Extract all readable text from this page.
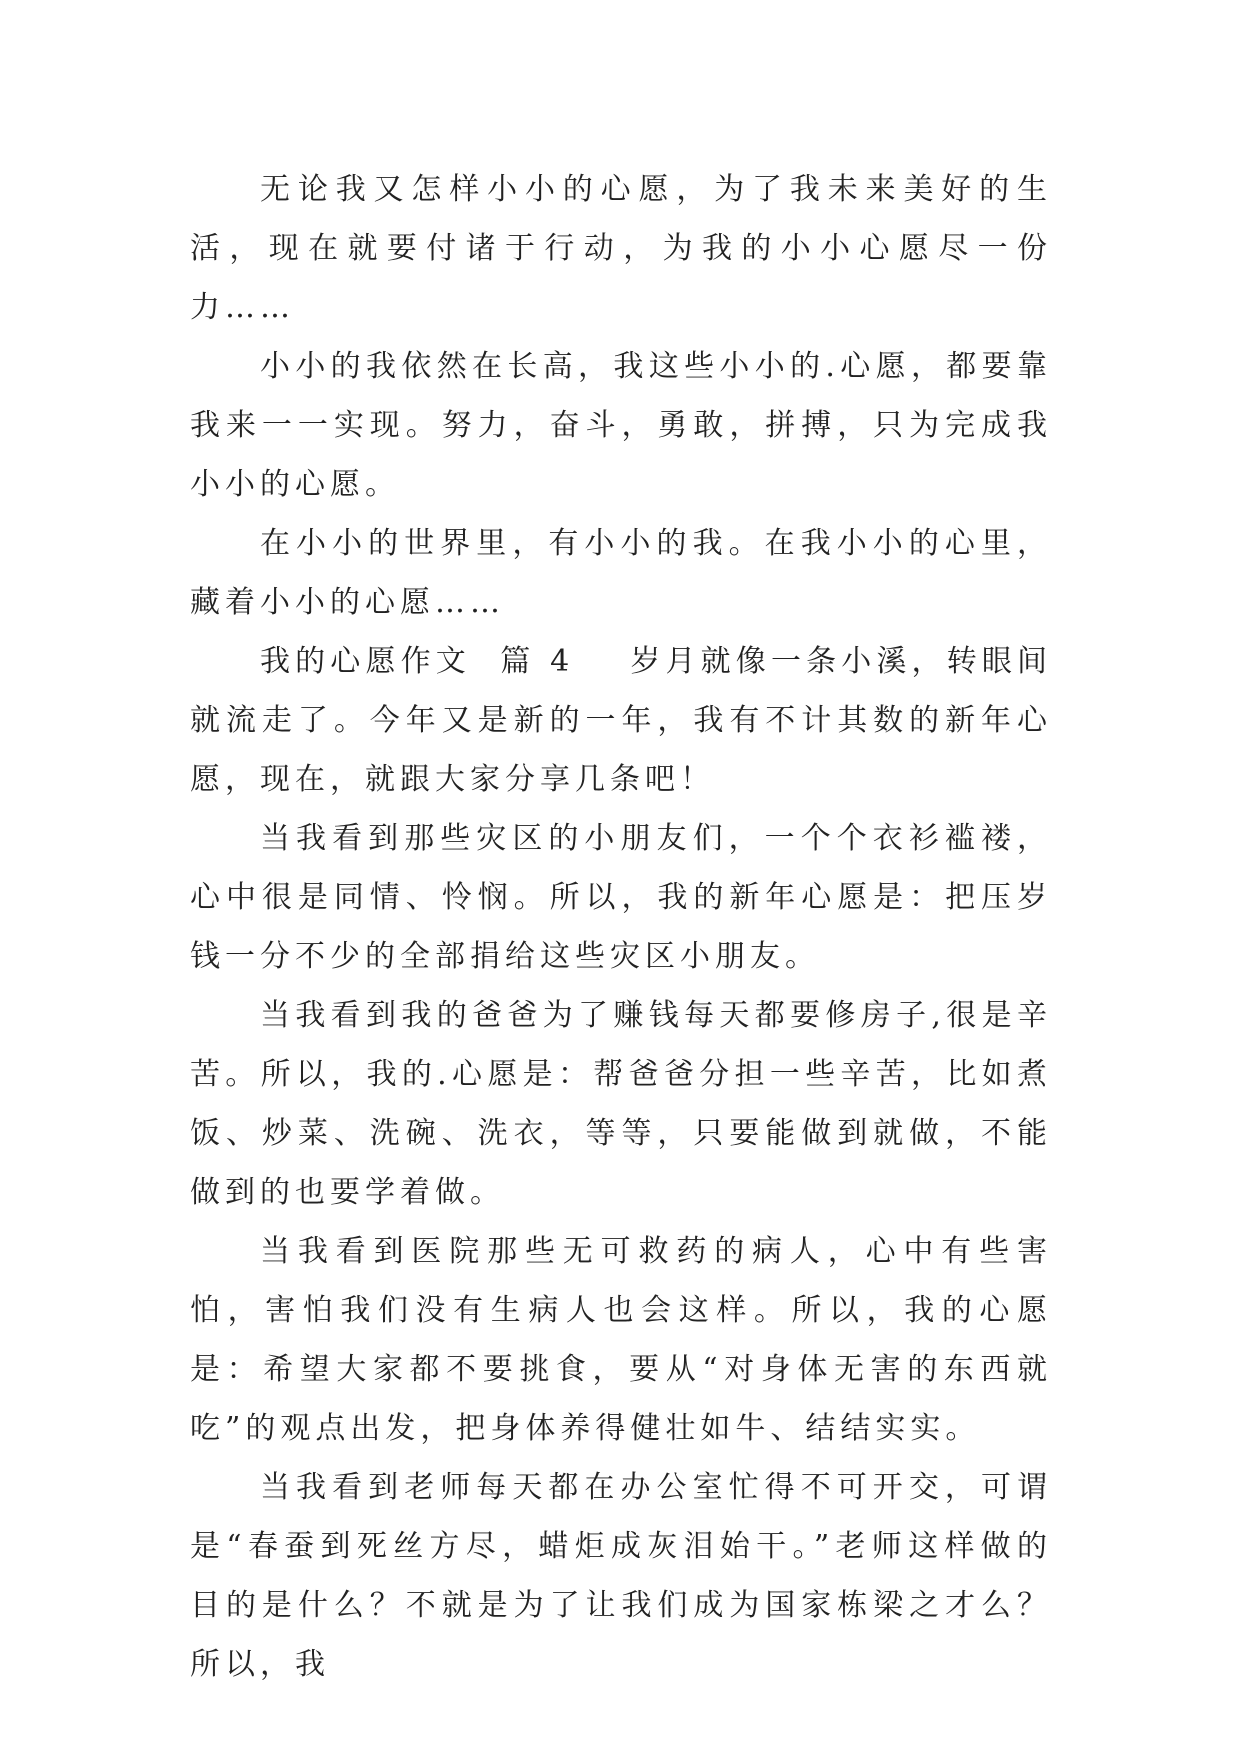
无论我又怎样小小的心愿，为了我未来美好的生活，现在就要付诸于行动，为我的小小心愿尽一份力……

小小的我依然在长高，我这些小小的.心愿，都要靠我来一一实现。努力，奋斗，勇敢，拼搏，只为完成我小小的心愿。

在小小的世界里，有小小的我。在我小小的心里，藏着小小的心愿……

我的心愿作文  篇 4 岁月就像一条小溪，转眼间就流走了。今年又是新的一年，我有不计其数的新年心愿，现在，就跟大家分享几条吧！

当我看到那些灾区的小朋友们，一个个衣衫褴褛，心中很是同情、怜悯。所以，我的新年心愿是：把压岁钱一分不少的全部捐给这些灾区小朋友。

当我看到我的爸爸为了赚钱每天都要修房子,很是辛苦。所以，我的.心愿是：帮爸爸分担一些辛苦，比如煮饭、炒菜、洗碗、洗衣，等等，只要能做到就做，不能做到的也要学着做。

当我看到医院那些无可救药的病人，心中有些害怕，害怕我们没有生病人也会这样。所以，我的心愿是：希望大家都不要挑食，要从“对身体无害的东西就吃”的观点出发，把身体养得健壮如牛、结结实实。

当我看到老师每天都在办公室忙得不可开交，可谓是“春蚕到死丝方尽，蜡炬成灰泪始干。”老师这样做的目的是什么？不就是为了让我们成为国家栋梁之才么？所以，我
